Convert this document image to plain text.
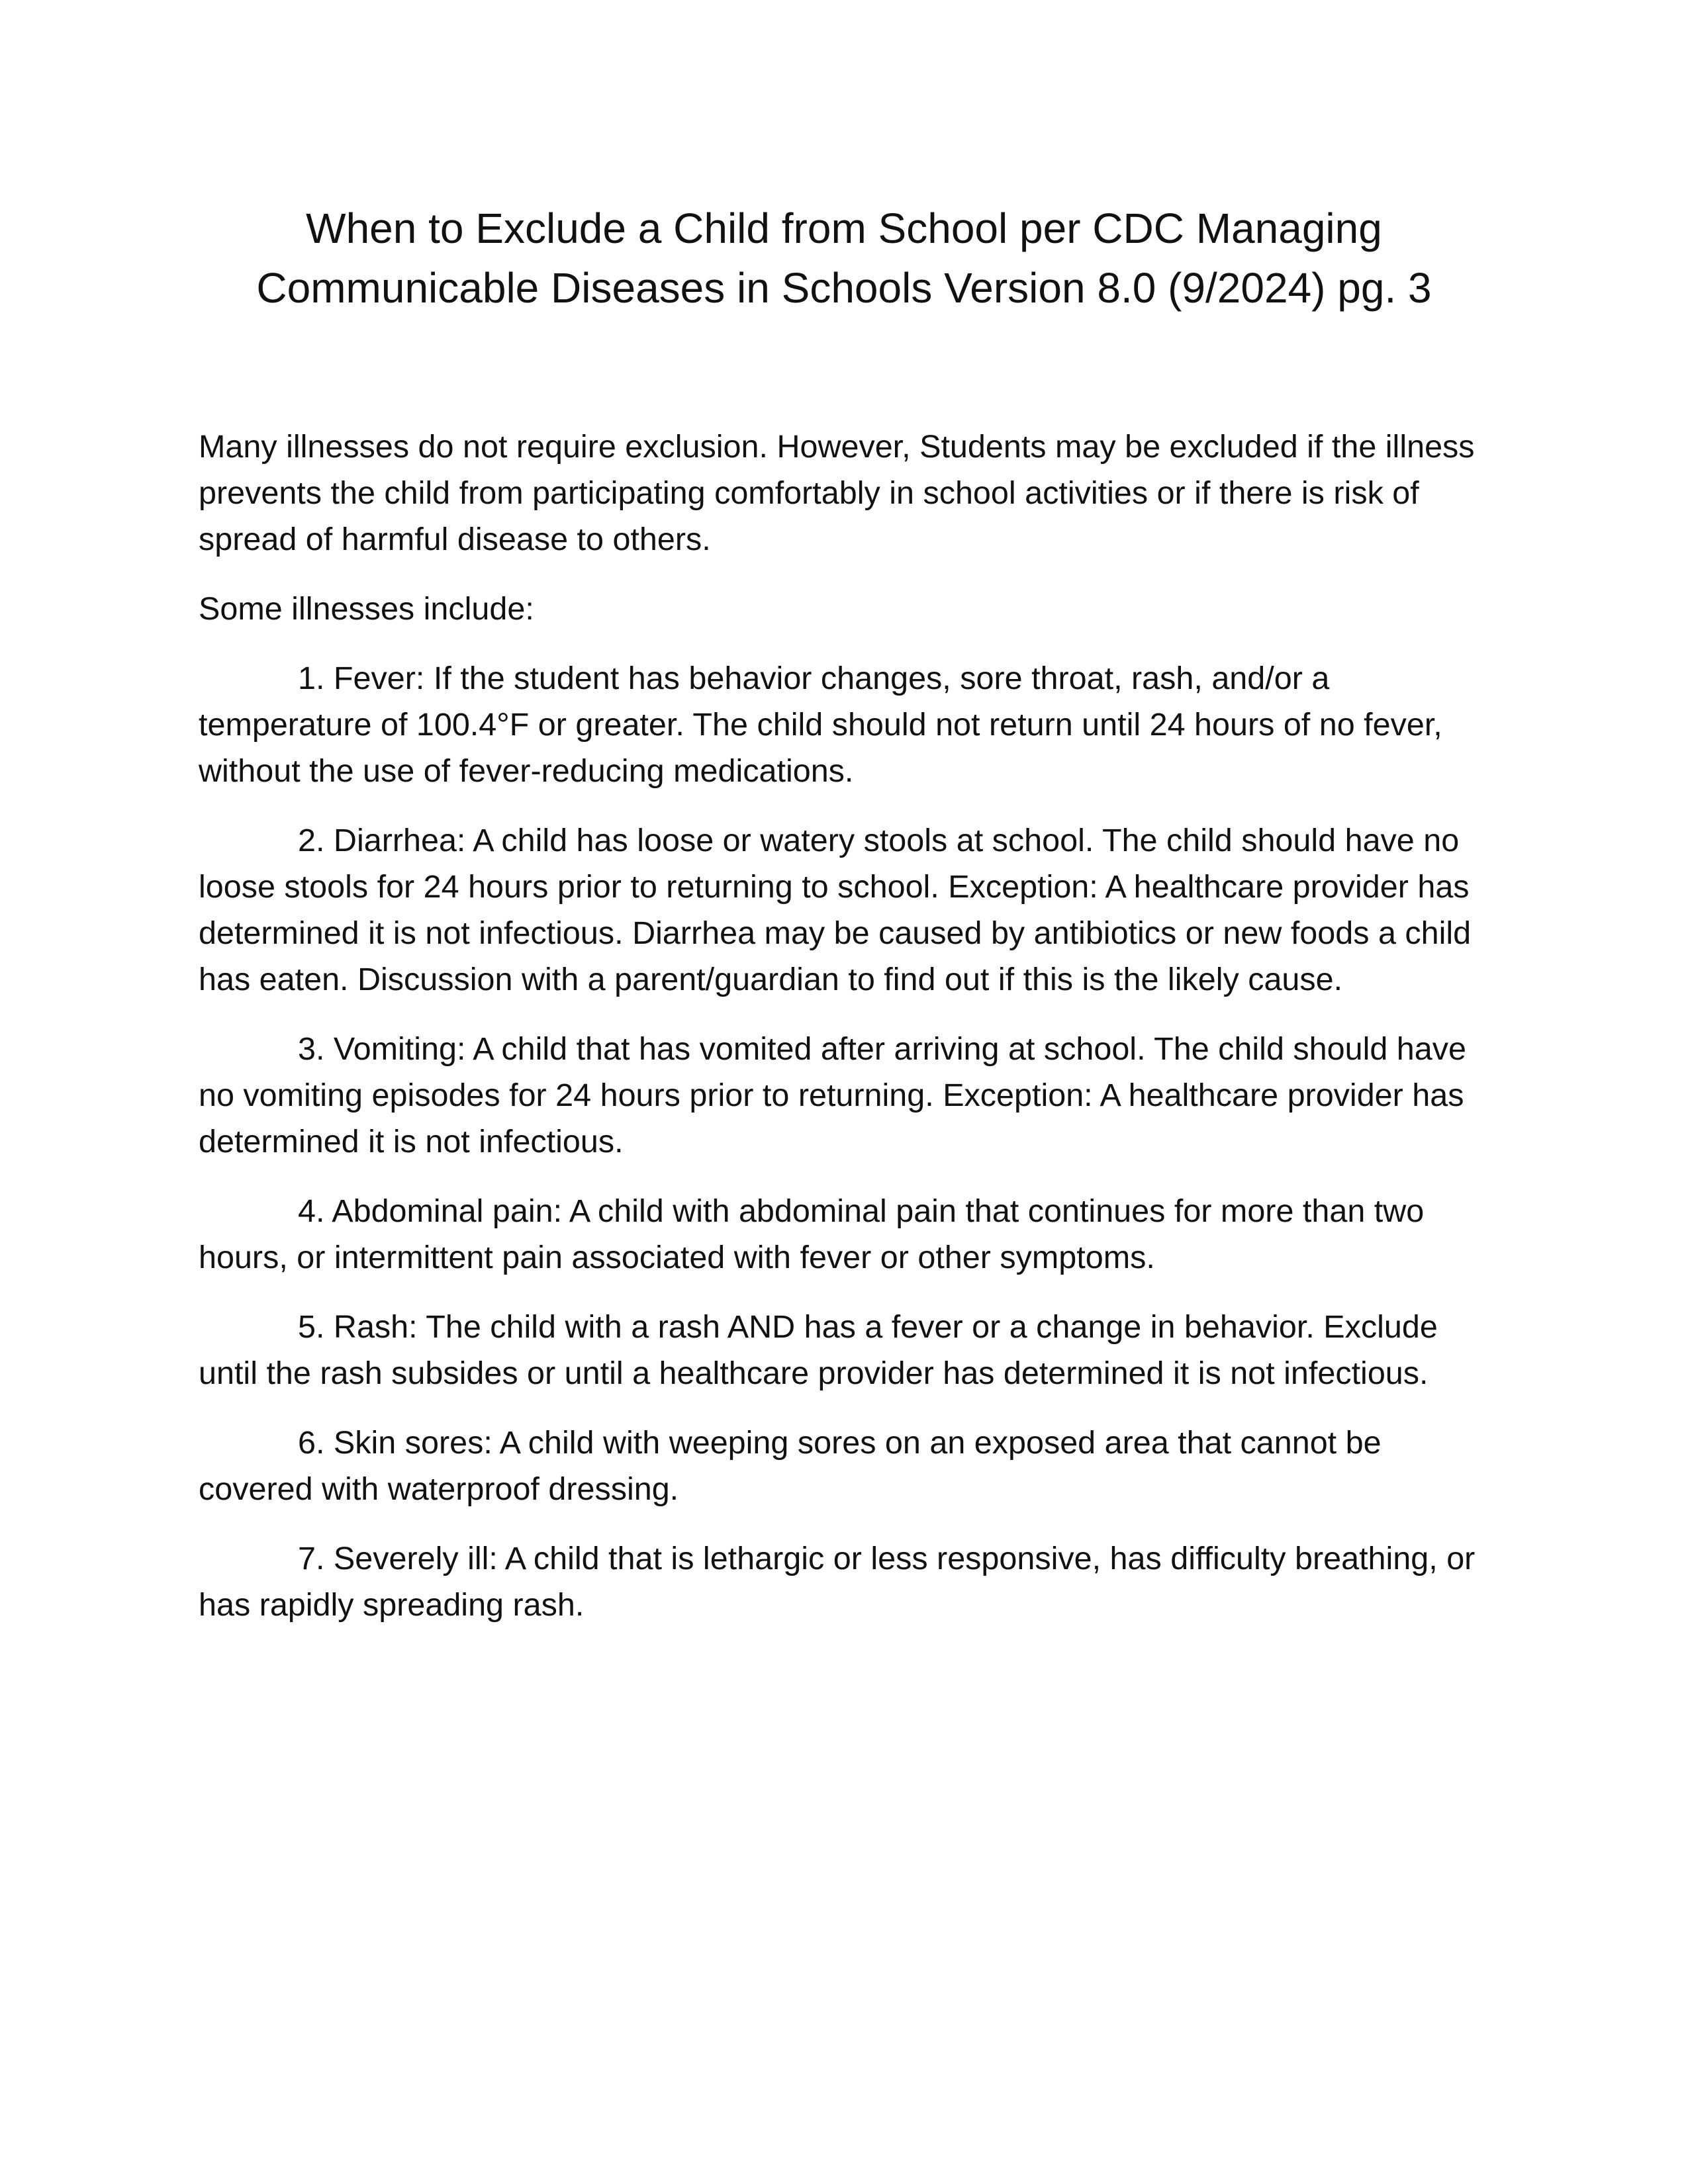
When to Exclude a Child from School per CDC Managing
Communicable Diseases in Schools Version 8.0 (9/2024) pg. 3

Many illnesses do not require exclusion. However, Students may be excluded if the illness prevents the child from participating comfortably in school activities or if there is risk of spread of harmful disease to others.

Some illnesses include:

1. Fever: If the student has behavior changes, sore throat, rash, and/or a temperature of 100.4°F or greater. The child should not return until 24 hours of no fever, without the use of fever-reducing medications.

2. Diarrhea: A child has loose or watery stools at school. The child should have no loose stools for 24 hours prior to returning to school. Exception: A healthcare provider has determined it is not infectious. Diarrhea may be caused by antibiotics or new foods a child has eaten. Discussion with a parent/guardian to find out if this is the likely cause.

3. Vomiting: A child that has vomited after arriving at school. The child should have no vomiting episodes for 24 hours prior to returning. Exception: A healthcare provider has determined it is not infectious.

4. Abdominal pain: A child with abdominal pain that continues for more than two hours, or intermittent pain associated with fever or other symptoms.

5. Rash: The child with a rash AND has a fever or a change in behavior. Exclude until the rash subsides or until a healthcare provider has determined it is not infectious.

6. Skin sores: A child with weeping sores on an exposed area that cannot be covered with waterproof dressing.

7. Severely ill: A child that is lethargic or less responsive, has difficulty breathing, or has rapidly spreading rash.
